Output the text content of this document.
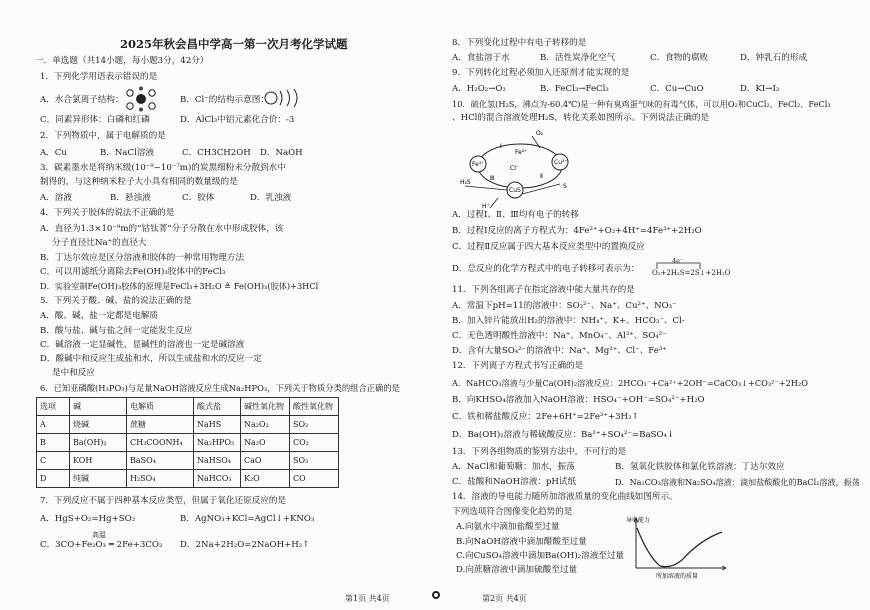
2025年秋会昌中学高一第一次月考化学试题
一．单选题（共14小题，每小题3分，42分）
1．下列化学用语表示错误的是
A．水合氯离子结构：	B．Cl⁻的结构示意图：
C．同素异形体：白磷和红磷	D．AlCl₃中铝元素化合价：-3
2．下列物质中，属于电解质的是
A．Cu	B．NaCl溶液	C．CH3CH2OH D．NaOH
3．碳素墨水是将纳米级(10⁻⁹~10⁻⁷m)的炭黑细粉末分散到水中
制得的，与这种纳米粒子大小具有相同的数量级的是
A．溶液	B．悬浊液	C．胶体	D．乳浊液
4．下列关于胶体的说法不正确的是
A．直径为1.3×10⁻⁹m的“钴钛菁”分子分散在水中形成胶体，该
分子直径比Na⁺的直径大
B．丁达尔效应是区分溶液和胶体的一种常用物理方法
C．可以用滤纸分离除去Fe(OH)₃胶体中的FeCl₃
D．实验室制Fe(OH)₃胶体的原理是FeCl₃+3H₂O ≜ Fe(OH)₃(胶体)+3HCl
5．下列关于酸、碱、盐的说法正确的是
A．酸、碱、盐一定都是电解质
B．酸与盐、碱与盐之间一定能发生反应
C．碱溶液一定显碱性，显碱性的溶液也一定是碱溶液
D．酸碱中和反应生成盐和水，所以生成盐和水的反应一定
是中和反应
6．已知亚磷酸(H₃PO₃)与足量NaOH溶液反应生成Na₂HPO₃，下列关于物质分类的组合正确的是
选项	碱	电解质	酸式盐	碱性氧化物	酸性氧化物
A	烧碱	蔗糖	NaHS	Na₂O₂	SO₂
B	Ba(OH)₂	CH₃COONH₄	Na₂HPO₃	Na₂O	CO₂
C	KOH	BaSO₄	NaHSO₄	CaO	SO₃
D	纯碱	H₂SO₄	NaHCO₃	K₂O	CO
7．下列反应不属于四种基本反应类型，但属于氧化还原反应的是
A．HgS+O₂=Hg+SO₂	B．AgNO₃+KCl=AgCl↓+KNO₃
高温
C．3CO+Fe₂O₃ ═ 2Fe+3CO₂ D．2Na+2H₂O=2NaOH+H₂↑
第1页 共4页
8．下列变化过程中有电子转移的是
A．食盐溶于水	B．活性炭净化空气	C．食物的腐败	D．钟乳石的形成
9．下列转化过程必须加入还原剂才能实现的是
A．H₂O₂→O₂	B．FeCl₃→FeCl₂	C．Cu→CuO	D．KI→I₂
10．硫化氢(H₂S，沸点为-60.4℃)是一种有臭鸡蛋气味的有毒气体，可以用O₂和CuCl₂、FeCl₂、FeCl₃
、HCl的混合溶液处理H₂S，转化关系如图所示。下列说法正确的是
Fe³⁺
Cl⁻
Cu²⁺
Fe²⁺
CuS
H₂S
S
O₂
H⁺
Ⅰ
Ⅱ
Ⅲ
A．过程Ⅰ、Ⅱ、Ⅲ均有电子的转移
B．过程Ⅰ反应的离子方程式为：4Fe²⁺+O₂+4H⁺=4Fe³⁺+2H₂O
C．过程Ⅱ反应属于四大基本反应类型中的置换反应
D．总反应的化学方程式中的电子转移可表示为：
4e⁻
O₂+2H₂S=2S↓+2H₂O
11．下列各组离子在指定溶液中能大量共存的是
A．常温下pH=11的溶液中：SO₃²⁻、Na⁺、Cu²⁺、NO₃⁻
B．加入锌片能放出H₂的溶液中：NH₄⁺、K+、HCO₃⁻、Cl-
C．无色透明酸性溶液中：Na⁺、MnO₄⁻、Al³⁺、SO₄²⁻
D．含有大量SO₄²⁻的溶液中：Na⁺、Mg²⁺、Cl⁻、Fe³⁺
12．下列离子方程式书写正确的是
A．NaHCO₃溶液与少量Ca(OH)₂溶液反应：2HCO₃⁻+Ca²⁺+2OH⁻=CaCO₃↓+CO₃²⁻+2H₂O
B．向KHSO₄溶液加入NaOH溶液：HSO₄⁻+OH⁻=SO₄²⁻+H₂O
C．铁和稀盐酸反应：2Fe+6H⁺=2Fe³⁺+3H₂↑
D．Ba(OH)₂溶液与稀硫酸反应：Ba²⁺+SO₄²⁻=BaSO₄↓
13．下列各组物质的鉴别方法中，不可行的是
A．NaCl和葡萄糖：加水，振荡	B．氢氧化铁胶体和氯化铁溶液：丁达尔效应
C．盐酸和NaOH溶液：pH试纸	D．Na₂CO₃溶液和Na₂SO₄溶液：滴加盐酸酸化的BaCl₂溶液，振荡
14．溶液的导电能力随所加溶液质量的变化曲线如图所示。
下列选项符合图像变化趋势的是
A.向氨水中滴加盐酸至过量
B.向NaOH溶液中滴加醋酸至过量
C.向CuSO₄溶液中滴加Ba(OH)₂溶液至过量
D.向蔗糖溶液中滴加硫酸至过量
导电能力
所加溶液的质量
第2页 共4页
